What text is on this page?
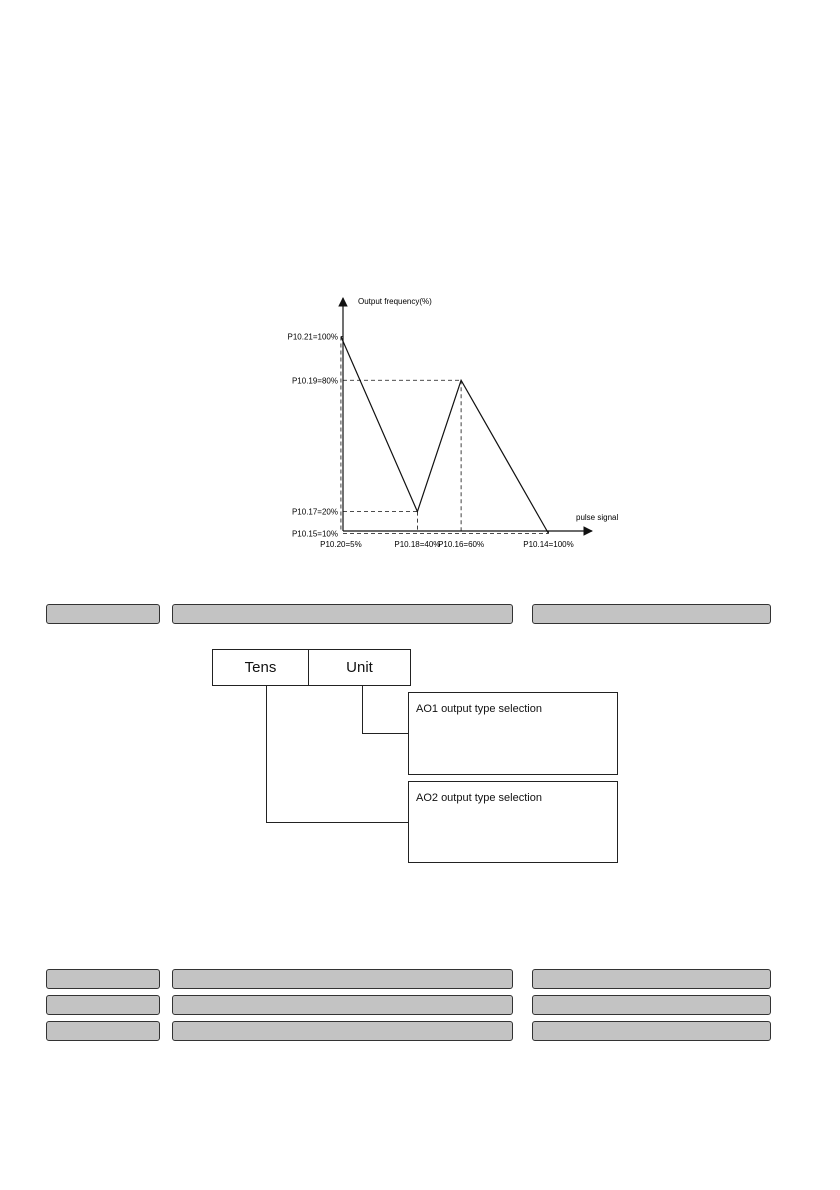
P10.20=5%	P10.18=40%
P10.16=60%	P10.14=100%
P10.21=100%
P10.19=80%
P10.17=20%
P10.15=10%
Output frequency(%)
pulse signal
Tens	Unit
AO1 output type selection
AO2 output type selection
